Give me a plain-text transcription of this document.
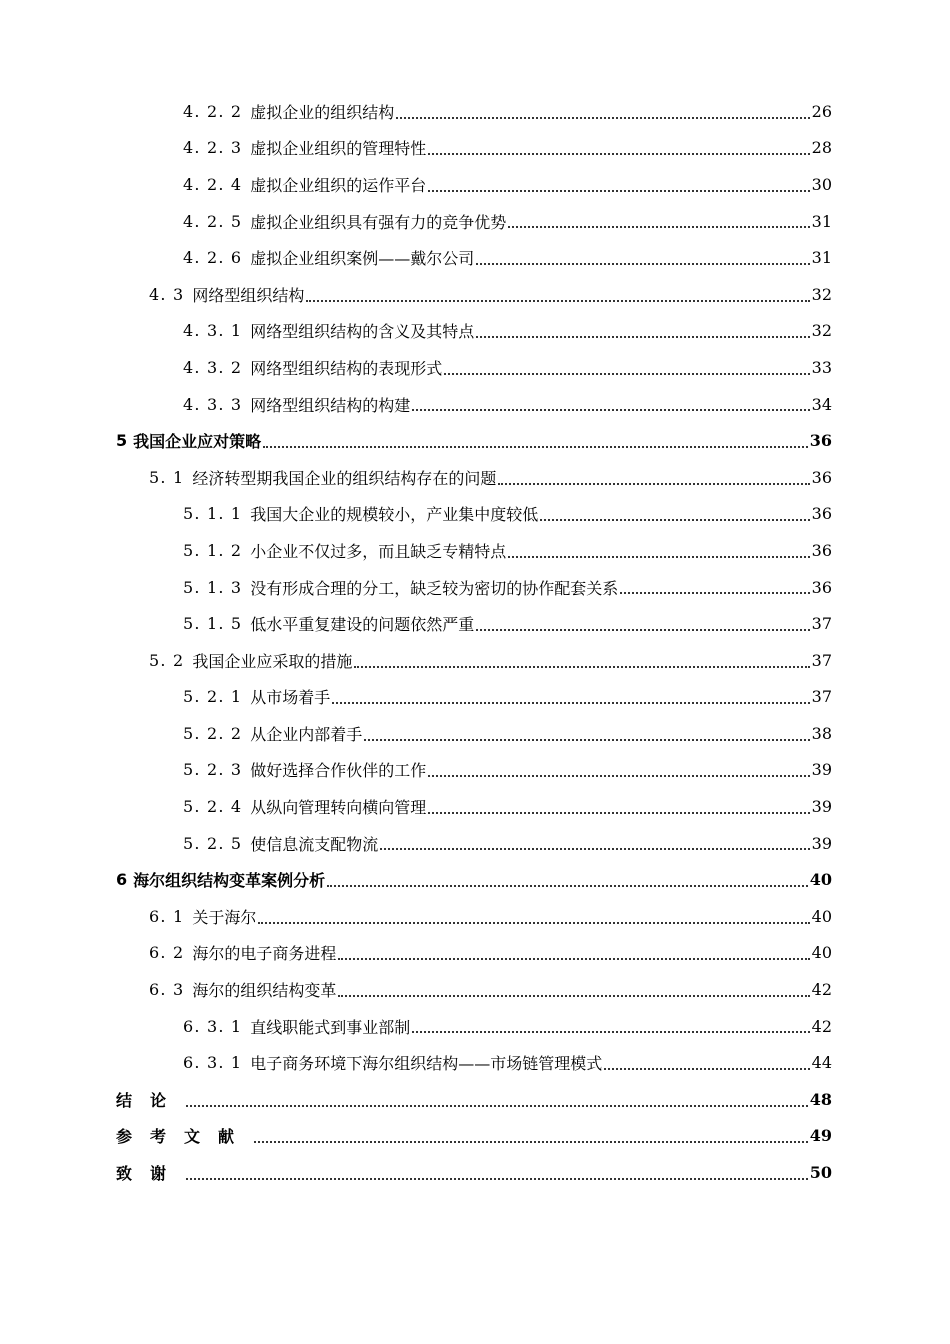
4. 2. 2 虚拟企业的组织结构	26
4. 2. 3 虚拟企业组织的管理特性	28
4. 2. 4 虚拟企业组织的运作平台	30
4. 2. 5 虚拟企业组织具有强有力的竞争优势	31
4. 2. 6 虚拟企业组织案例——戴尔公司	31
4. 3 网络型组织结构	32
4. 3. 1 网络型组织结构的含义及其特点	32
4. 3. 2 网络型组织结构的表现形式	33
4. 3. 3 网络型组织结构的构建	34
5 我国企业应对策略	36
5. 1 经济转型期我国企业的组织结构存在的问题	36
5. 1. 1 我国大企业的规模较小，产业集中度较低	36
5. 1. 2 小企业不仅过多，而且缺乏专精特点	36
5. 1. 3 没有形成合理的分工，缺乏较为密切的协作配套关系	36
5. 1. 5 低水平重复建设的问题依然严重	37
5. 2 我国企业应采取的措施	37
5. 2. 1 从市场着手	37
5. 2. 2 从企业内部着手	38
5. 2. 3 做好选择合作伙伴的工作	39
5. 2. 4 从纵向管理转向横向管理	39
5. 2. 5 使信息流支配物流	39
6 海尔组织结构变革案例分析	40
6. 1 关于海尔	40
6. 2 海尔的电子商务进程	40
6. 3 海尔的组织结构变革	42
6. 3. 1 直线职能式到事业部制	42
6. 3. 1 电子商务环境下海尔组织结构——市场链管理模式	44
结论	48
参考文献	49
致谢	50
